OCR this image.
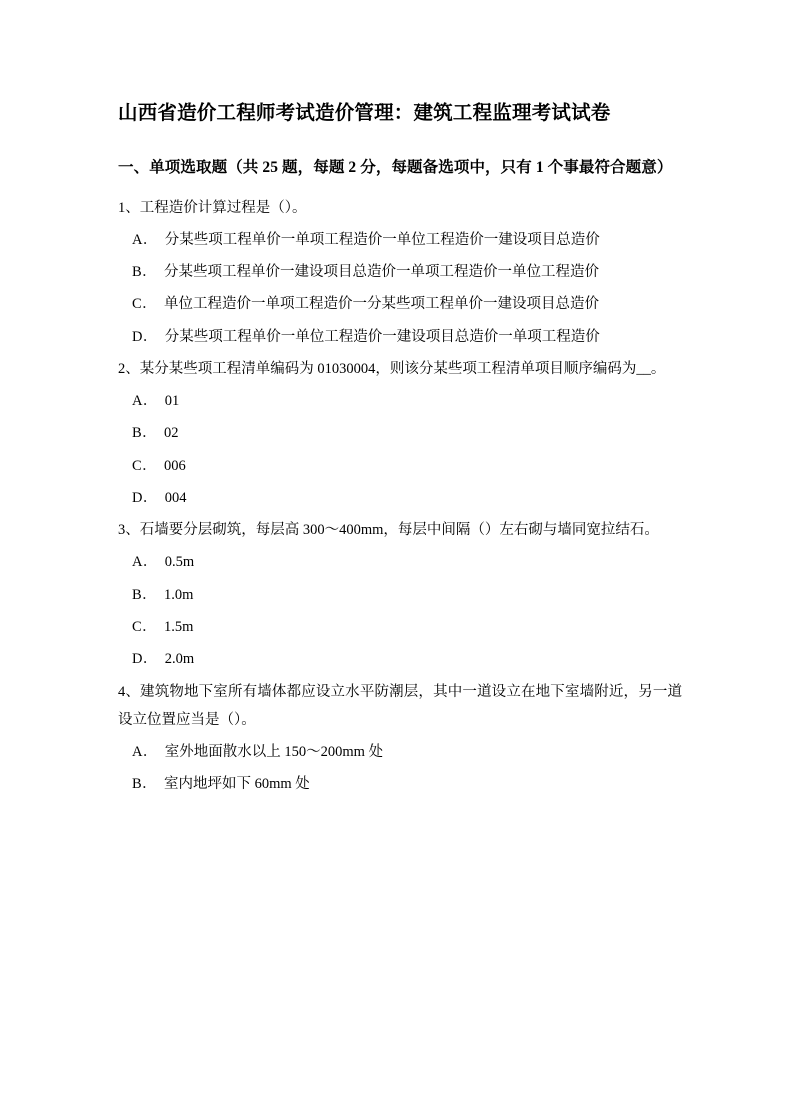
山西省造价工程师考试造价管理：建筑工程监理考试试卷

一、单项选取题（共 25 题，每题 2 分，每题备选项中，只有 1 个事最符合题意）

1、工程造价计算过程是（）。

A． 分某些项工程单价一单项工程造价一单位工程造价一建设项目总造价

B． 分某些项工程单价一建设项目总造价一单项工程造价一单位工程造价

C． 单位工程造价一单项工程造价一分某些项工程单价一建设项目总造价

D． 分某些项工程单价一单位工程造价一建设项目总造价一单项工程造价

2、某分某些项工程清单编码为 01030004，则该分某些项工程清单项目顺序编码为__。

A． 01

B． 02

C． 006

D． 004

3、石墙要分层砌筑，每层高 300～400mm，每层中间隔（）左右砌与墙同宽拉结石。

A． 0.5m

B． 1.0m

C． 1.5m

D． 2.0m

4、建筑物地下室所有墙体都应设立水平防潮层，其中一道设立在地下室墙附近，另一道设立位置应当是（）。

A． 室外地面散水以上 150～200mm 处

B． 室内地坪如下 60mm 处
